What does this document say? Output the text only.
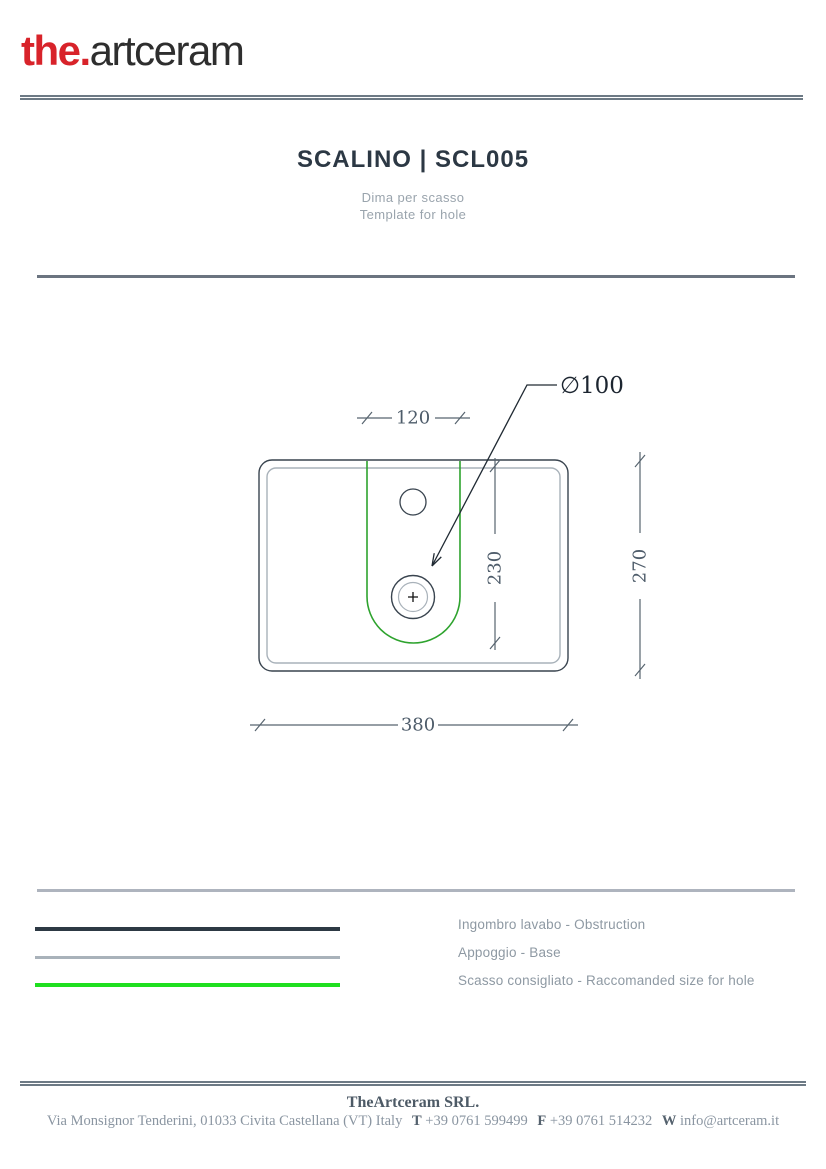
the.artceram
SCALINO | SCL005
Dima per scasso
Template for hole
120
230	270
380
∅100
Ingombro lavabo - Obstruction
Appoggio - Base
Scasso consigliato - Raccomanded size for hole
TheArtceram SRL.
Via Monsignor Tenderini, 01033 Civita Castellana (VT) Italy T +39 0761 599499 F +39 0761 514232 W info@artceram.it
